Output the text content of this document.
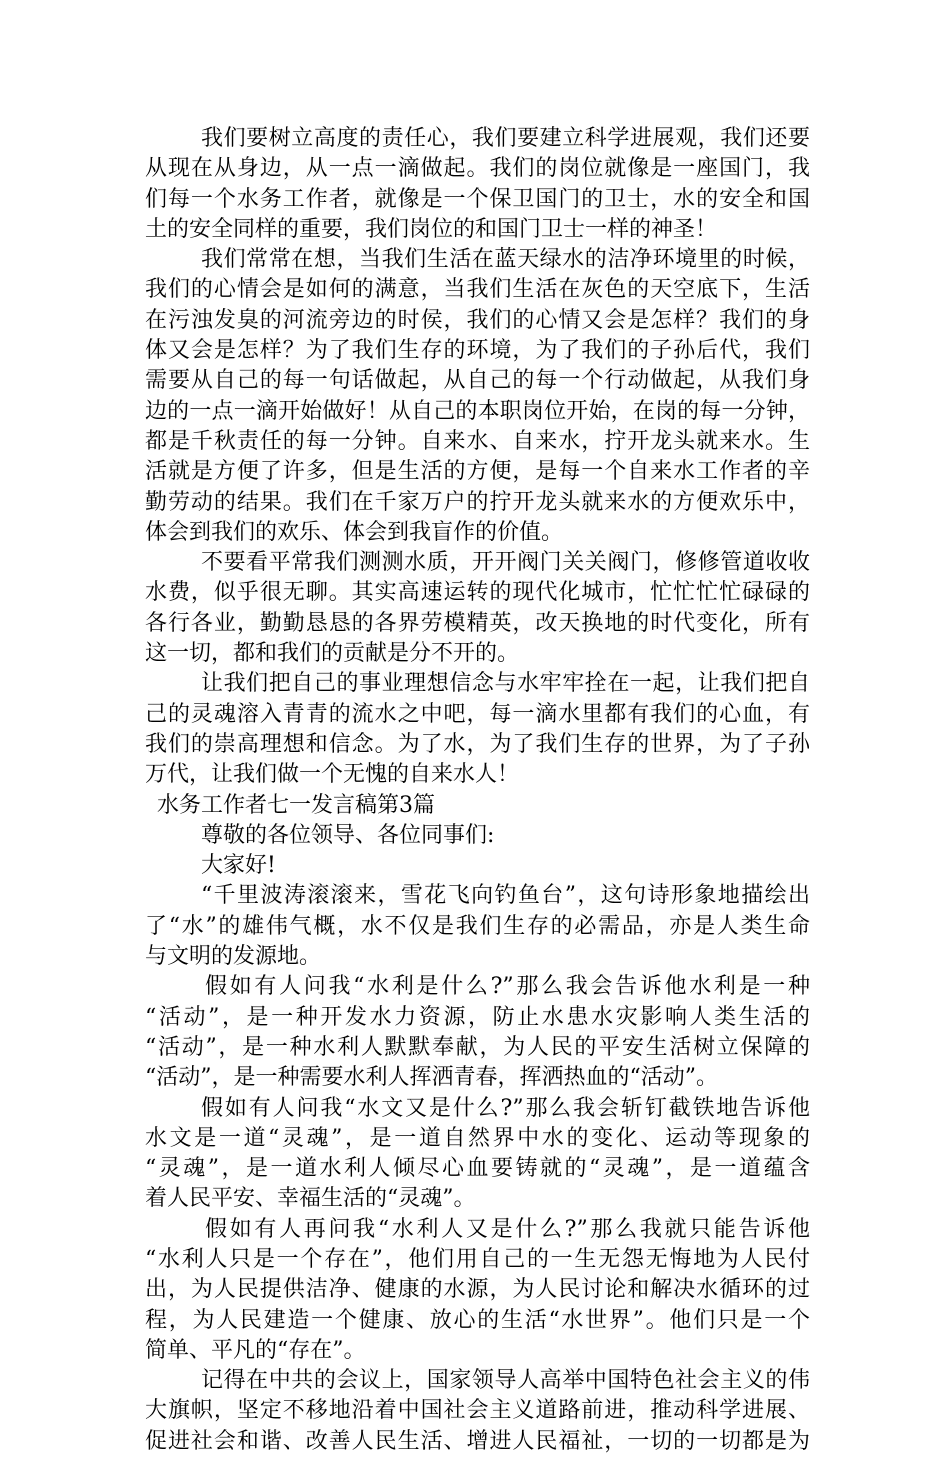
我们要树立高度的责任心，我们要建立科学进展观，我们还要
从现在从身边，从一点一滴做起。我们的岗位就像是一座国门，我
们每一个水务工作者，就像是一个保卫国门的卫士，水的安全和国
土的安全同样的重要，我们岗位的和国门卫士一样的神圣！
我们常常在想，当我们生活在蓝天绿水的洁净环境里的时候，
我们的心情会是如何的满意，当我们生活在灰色的天空底下，生活
在污浊发臭的河流旁边的时侯，我们的心情又会是怎样？我们的身
体又会是怎样？为了我们生存的环境，为了我们的子孙后代，我们
需要从自己的每一句话做起，从自己的每一个行动做起，从我们身
边的一点一滴开始做好！从自己的本职岗位开始，在岗的每一分钟，
都是千秋责任的每一分钟。自来水、自来水，拧开龙头就来水。生
活就是方便了许多，但是生活的方便，是每一个自来水工作者的辛
勤劳动的结果。我们在千家万户的拧开龙头就来水的方便欢乐中，
体会到我们的欢乐、体会到我盲作的价值。
不要看平常我们测测水质，开开阀门关关阀门，修修管道收收
水费，似乎很无聊。其实高速运转的现代化城市，忙忙忙忙碌碌的
各行各业，勤勤恳恳的各界劳模精英，改天换地的时代变化，所有
这一切，都和我们的贡献是分不开的。
让我们把自己的事业理想信念与水牢牢拴在一起，让我们把自
己的灵魂溶入青青的流水之中吧，每一滴水里都有我们的心血，有
我们的崇高理想和信念。为了水，为了我们生存的世界，为了子孙
万代，让我们做一个无愧的自来水人！
水务工作者七一发言稿第3篇
尊敬的各位领导、各位同事们:
大家好!
“千里波涛滚滚来，雪花飞向钓鱼台”，这句诗形象地描绘出
了“水”的雄伟气概，水不仅是我们生存的必需品，亦是人类生命
与文明的发源地。
假如有人问我“水利是什么?”那么我会告诉他水利是一种
“活动”，是一种开发水力资源，防止水患水灾影响人类生活的
“活动”，是一种水利人默默奉献，为人民的平安生活树立保障的
“活动”，是一种需要水利人挥洒青春，挥洒热血的“活动”。
假如有人问我“水文又是什么?”那么我会斩钉截铁地告诉他
水文是一道“灵魂”，是一道自然界中水的变化、运动等现象的
“灵魂”，是一道水利人倾尽心血要铸就的“灵魂”，是一道蕴含
着人民平安、幸福生活的“灵魂”。
假如有人再问我“水利人又是什么?”那么我就只能告诉他
“水利人只是一个存在”，他们用自己的一生无怨无悔地为人民付
出，为人民提供洁净、健康的水源，为人民讨论和解决水循环的过
程，为人民建造一个健康、放心的生活“水世界”。他们只是一个
简单、平凡的“存在”。
记得在中共的会议上，国家领导人高举中国特色社会主义的伟
大旗帜，坚定不移地沿着中国社会主义道路前进，推动科学进展、
促进社会和谐、改善人民生活、增进人民福祉，一切的一切都是为
